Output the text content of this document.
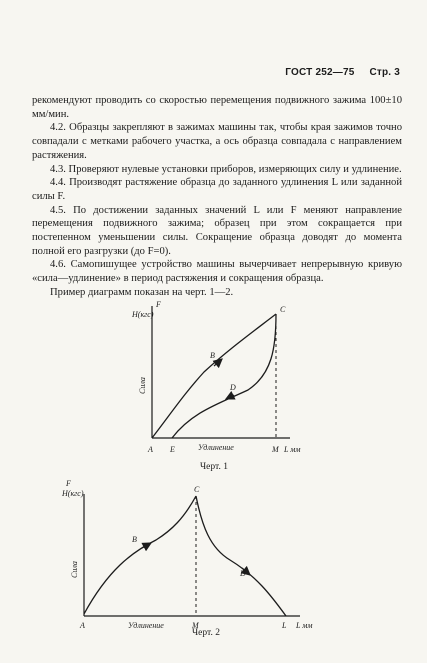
ГОСТ 252—75 Стр. 3

рекомендуют проводить со скоростью перемещения подвижного зажима 100±10 мм/мин.

4.2. Образцы закрепляют в зажимах машины так, чтобы края зажимов точно совпадали с метками рабочего участка, а ось образца совпадала с направлением растяжения.

4.3. Проверяют нулевые установки приборов, измеряющих силу и удлинение.

4.4. Производят растяжение образца до заданного удлинения L или заданной силы F.

4.5. По достижении заданных значений L или F меняют направление перемещения подвижного зажима; образец при этом сокращается при постепенном уменьшении силы. Сокращение образца доводят до момента полной его разгрузки (до F=0).

4.6. Самопишущее устройство машины вычерчивает непрерывную кривую «сила—удлинение» в период растяжения и сокращения образца.

Пример диаграмм показан на черт. 1—2.

F
Н(кгс)
Сила
A E	Удлинение	M L мм
C
B
D
Черт. 1
F
Н(кгс)
Сила
A	Удлинение	M	L L мм
C
B
D
Черт. 2
